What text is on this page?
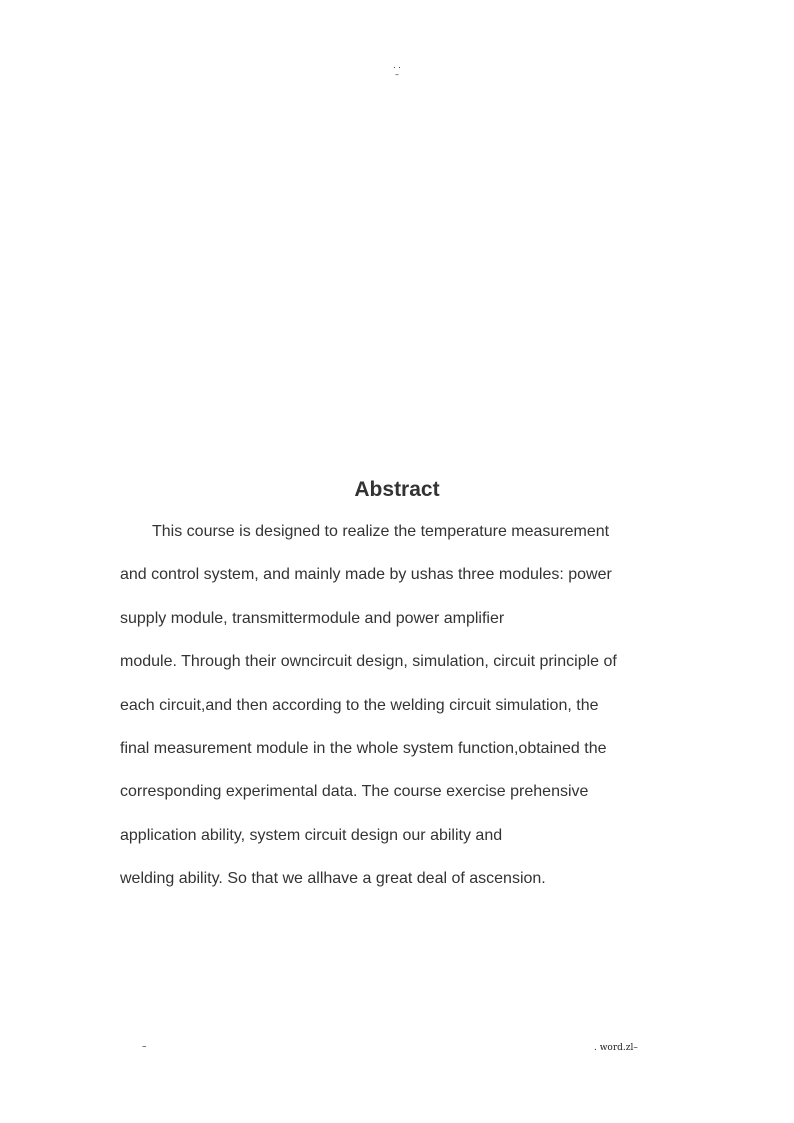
. .
–
Abstract
This course is designed to realize the temperature measurement
and control system, and mainly made by ushas three modules: power
supply module, transmittermodule and power amplifier
module. Through their owncircuit design, simulation, circuit principle of
each circuit,and then according to the welding circuit simulation, the
final measurement module in the whole system function,obtained the
corresponding experimental data. The course exercise prehensive
application ability, system circuit design our ability and
welding ability. So that we allhave a great deal of ascension.
–	. word.zl–
